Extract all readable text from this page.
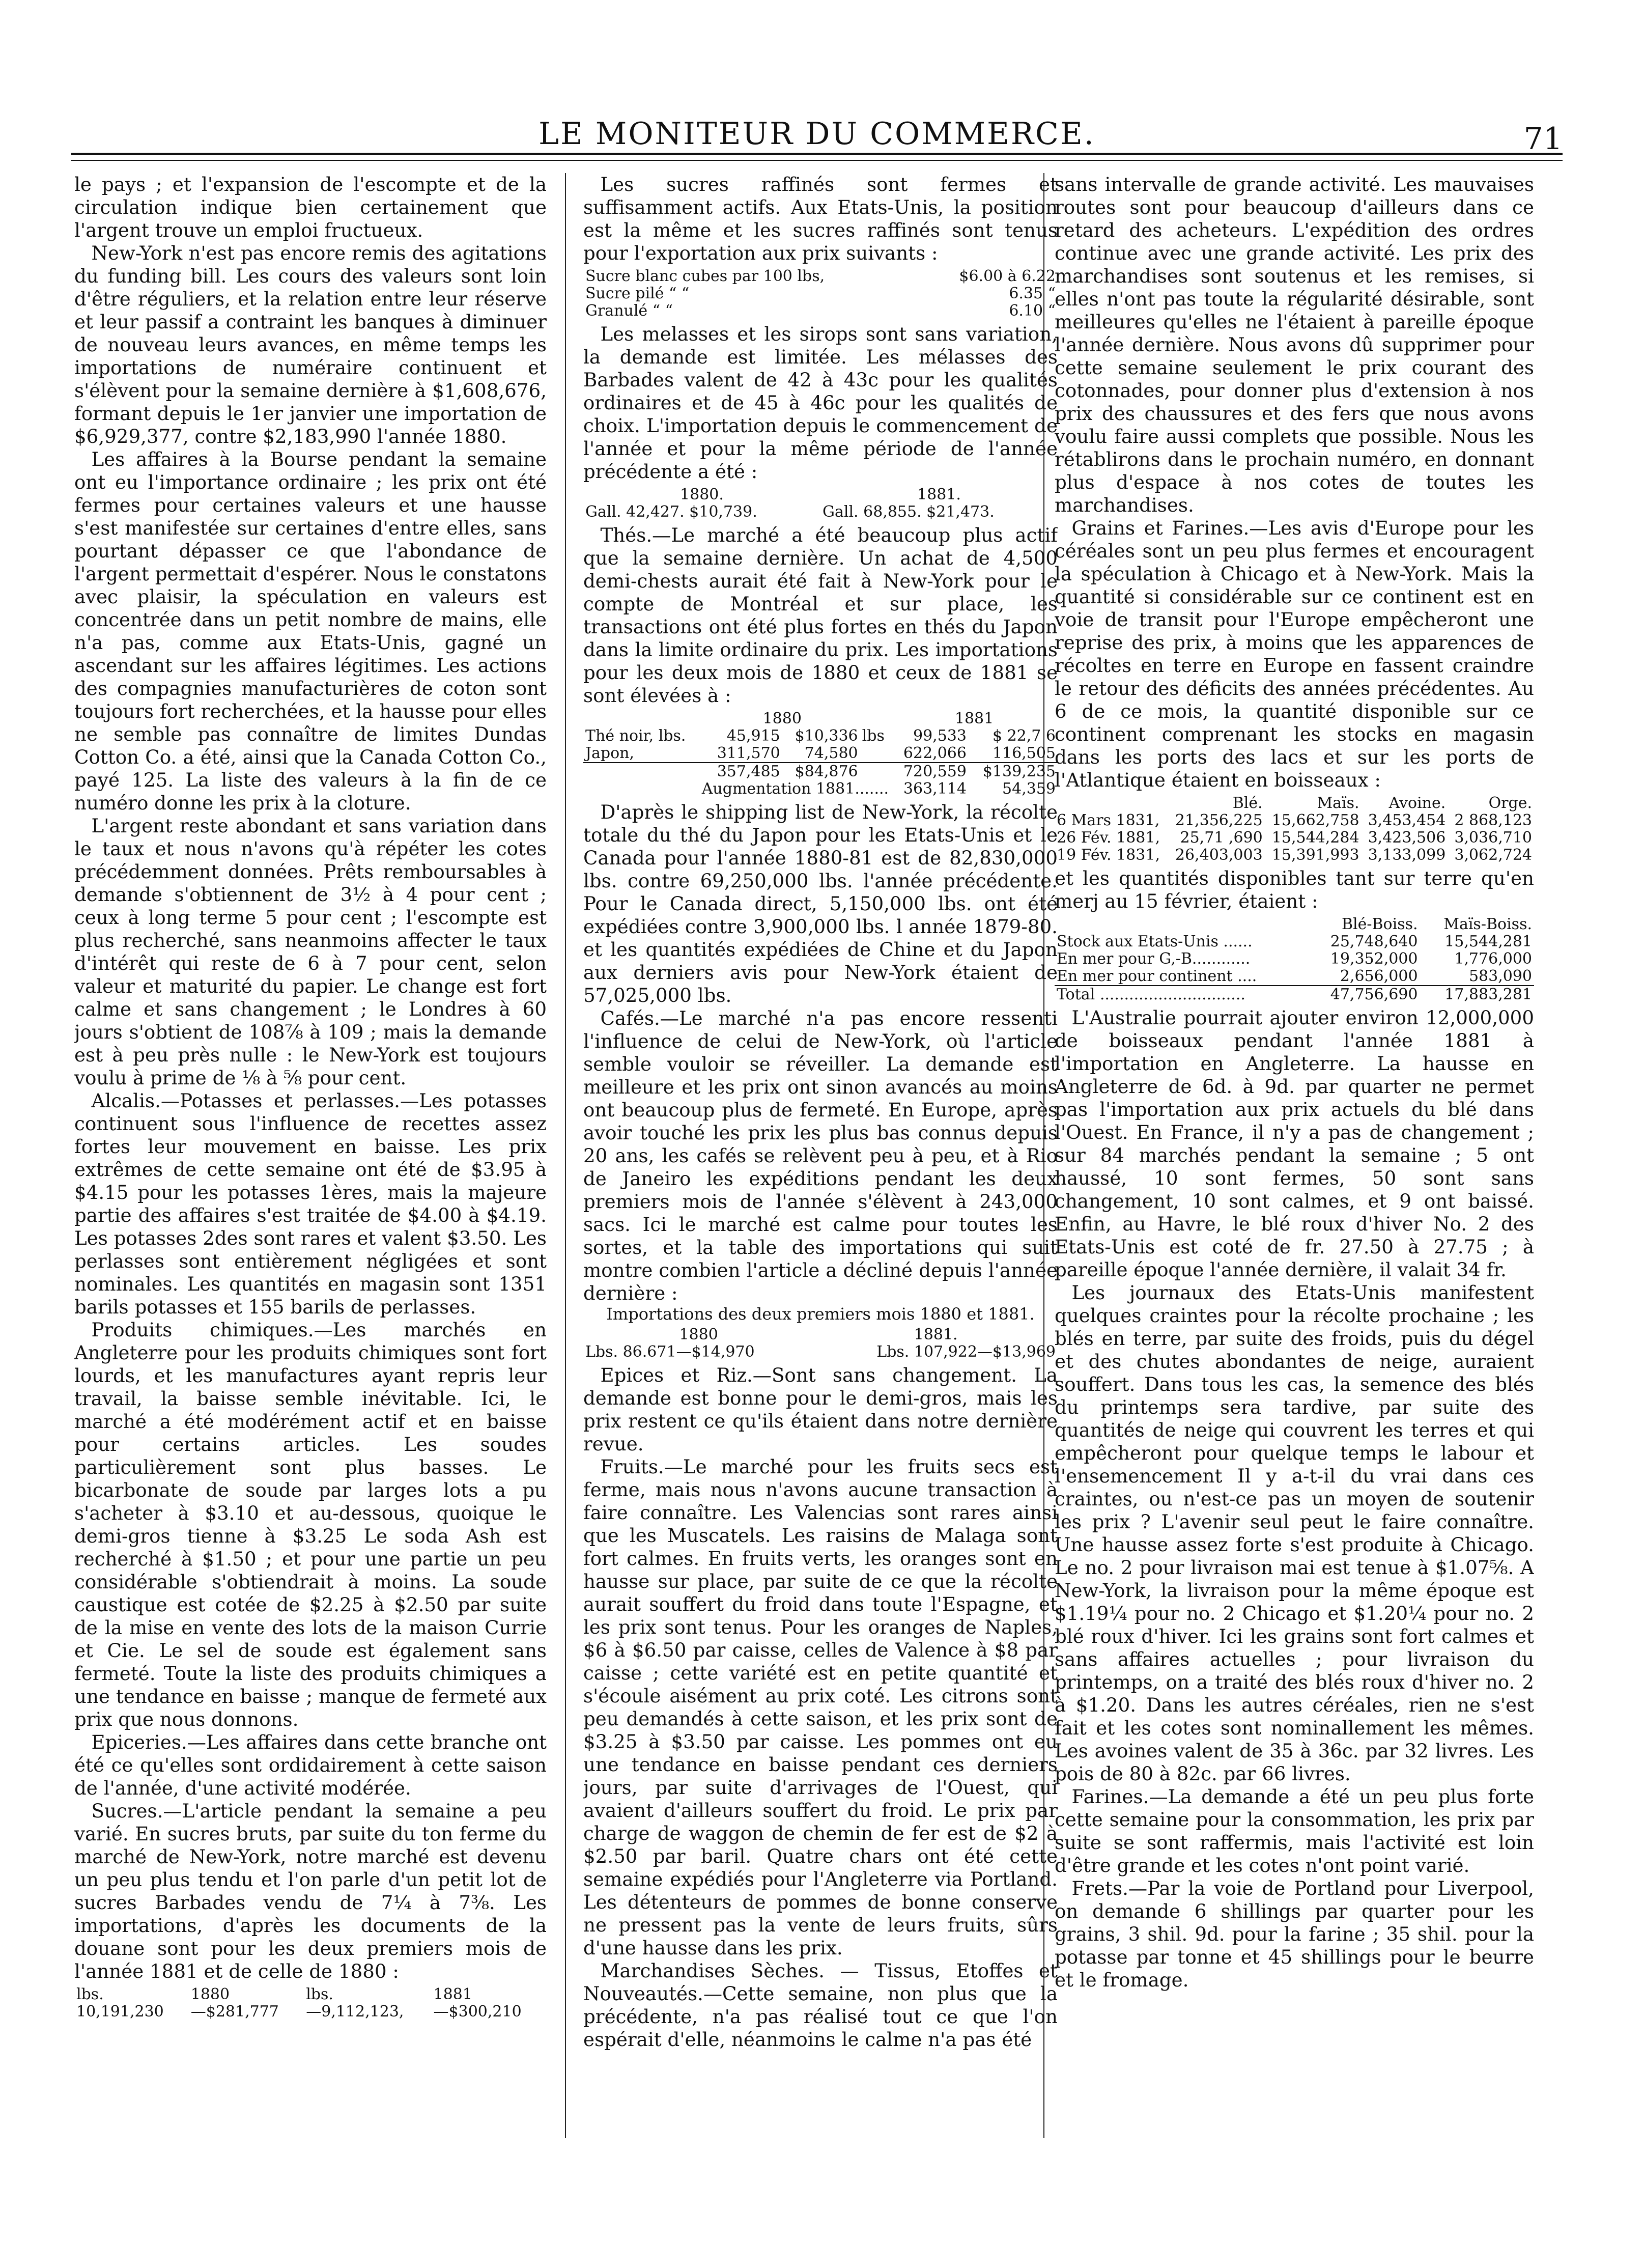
LE MONITEUR DU COMMERCE.	71

le pays ; et l'expansion de l'escompte et de la circulation indique bien certainement que l'argent trouve un emploi fructueux.

New-York n'est pas encore remis des agitations du funding bill. Les cours des valeurs sont loin d'être réguliers, et la relation entre leur réserve et leur passif a contraint les banques à diminuer de nouveau leurs avances, en même temps les importations de numéraire continuent et s'élèvent pour la semaine dernière à $1,608,676, formant depuis le 1er janvier une importation de $6,929,377, contre $2,183,990 l'année 1880.

Les affaires à la Bourse pendant la semaine ont eu l'importance ordinaire ; les prix ont été fermes pour certaines valeurs et une hausse s'est manifestée sur certaines d'entre elles, sans pourtant dépasser ce que l'abondance de l'argent permettait d'espérer. Nous le constatons avec plaisir, la spéculation en valeurs est concentrée dans un petit nombre de mains, elle n'a pas, comme aux Etats-Unis, gagné un ascendant sur les affaires légitimes. Les actions des compagnies manufacturières de coton sont toujours fort recherchées, et la hausse pour elles ne semble pas connaître de limites Dundas Cotton Co. a été, ainsi que la Canada Cotton Co., payé 125. La liste des valeurs à la fin de ce numéro donne les prix à la cloture.

L'argent reste abondant et sans variation dans le taux et nous n'avons qu'à répéter les cotes précédemment données. Prêts remboursables à demande s'obtiennent de 3½ à 4 pour cent ; ceux à long terme 5 pour cent ; l'escompte est plus recherché, sans neanmoins affecter le taux d'intérêt qui reste de 6 à 7 pour cent, selon valeur et maturité du papier. Le change est fort calme et sans changement ; le Londres à 60 jours s'obtient de 108⅞ à 109 ; mais la demande est à peu près nulle : le New-York est toujours voulu à prime de ⅛ à ⅝ pour cent.

Alcalis.—Potasses et perlasses.—Les potasses continuent sous l'influence de recettes assez fortes leur mouvement en baisse. Les prix extrêmes de cette semaine ont été de $3.95 à $4.15 pour les potasses 1ères, mais la majeure partie des affaires s'est traitée de $4.00 à $4.19. Les potasses 2des sont rares et valent $3.50. Les perlasses sont entièrement négligées et sont nominales. Les quantités en magasin sont 1351 barils potasses et 155 barils de perlasses.

Produits chimiques.—Les marchés en Angleterre pour les produits chimiques sont fort lourds, et les manufactures ayant repris leur travail, la baisse semble inévitable. Ici, le marché a été modérément actif et en baisse pour certains articles. Les soudes particulièrement sont plus basses. Le bicarbonate de soude par larges lots a pu s'acheter à $3.10 et au-dessous, quoique le demi-gros tienne à $3.25 Le soda Ash est recherché à $1.50 ; et pour une partie un peu considérable s'obtiendrait à moins. La soude caustique est cotée de $2.25 à $2.50 par suite de la mise en vente des lots de la maison Currie et Cie. Le sel de soude est également sans fermeté. Toute la liste des produits chimiques a une tendance en baisse ; manque de fermeté aux prix que nous donnons.

Epiceries.—Les affaires dans cette branche ont été ce qu'elles sont ordidairement à cette saison de l'année, d'une activité modérée.

Sucres.—L'article pendant la semaine a peu varié. En sucres bruts, par suite du ton ferme du marché de New-York, notre marché est devenu un peu plus tendu et l'on parle d'un petit lot de sucres Barbades vendu de 7¼ à 7⅜. Les importations, d'après les documents de la douane sont pour les deux premiers mois de l'année 1881 et de celle de 1880 :

lbs.	1880	lbs.	1881
10,191,230	—$281,777	—9,112,123,	—$300,210

Les sucres raffinés sont fermes et suffisamment actifs. Aux Etats-Unis, la position est la même et les sucres raffinés sont tenus pour l'exportation aux prix suivants :

Sucre blanc cubes par 100 lbs,	$6.00 à 6.22
Sucre pilé “ “	6.35 “
Granulé “ “	6.10 “

Les melasses et les sirops sont sans variation, la demande est limitée. Les mélasses des Barbades valent de 42 à 43c pour les qualités ordinaires et de 45 à 46c pour les qualités de choix. L'importation depuis le commencement de l'année et pour la même période de l'année précédente a été :

1880.	1881.
Gall. 42,427. $10,739.	Gall. 68,855. $21,473.

Thés.—Le marché a été beaucoup plus actif que la semaine dernière. Un achat de 4,500 demi-chests aurait été fait à New-York pour le compte de Montréal et sur place, les transactions ont été plus fortes en thés du Japon dans la limite ordinaire du prix. Les importations pour les deux mois de 1880 et ceux de 1881 se sont élevées à :

	1880			1881	
Thé noir, lbs.	45,915	$10,336	lbs	99,533	$ 22,7 6
Japon,	311,570	74,580		622,066	116,505
	357,485	$84,876		720,559	$139,235
Augmentation 1881.......				363,114	54,359

D'après le shipping list de New-York, la récolte totale du thé du Japon pour les Etats-Unis et le Canada pour l'année 1880-81 est de 82,830,000 lbs. contre 69,250,000 lbs. l'année précédente. Pour le Canada direct, 5,150,000 lbs. ont été expédiées contre 3,900,000 lbs. l année 1879-80. et les quantités expédiées de Chine et du Japon aux derniers avis pour New-York étaient de 57,025,000 lbs.

Cafés.—Le marché n'a pas encore ressenti l'influence de celui de New-York, où l'article semble vouloir se réveiller. La demande est meilleure et les prix ont sinon avancés au moins ont beaucoup plus de fermeté. En Europe, après avoir touché les prix les plus bas connus depuis 20 ans, les cafés se relèvent peu à peu, et à Rio de Janeiro les expéditions pendant les deux premiers mois de l'année s'élèvent à 243,000 sacs. Ici le marché est calme pour toutes les sortes, et la table des importations qui suit montre combien l'article a décliné depuis l'année dernière :

Importations des deux premiers mois 1880 et 1881.
1880	1881.
Lbs. 86.671—$14,970	Lbs. 107,922—$13,969

Epices et Riz.—Sont sans changement. La demande est bonne pour le demi-gros, mais les prix restent ce qu'ils étaient dans notre dernière revue.

Fruits.—Le marché pour les fruits secs est ferme, mais nous n'avons aucune transaction à faire connaître. Les Valencias sont rares ainsi que les Muscatels. Les raisins de Malaga sont fort calmes. En fruits verts, les oranges sont en hausse sur place, par suite de ce que la récolte aurait souffert du froid dans toute l'Espagne, et les prix sont tenus. Pour les oranges de Naples, $6 à $6.50 par caisse, celles de Valence à $8 par caisse ; cette variété est en petite quantité et s'écoule aisément au prix coté. Les citrons sont peu demandés à cette saison, et les prix sont de $3.25 à $3.50 par caisse. Les pommes ont eu une tendance en baisse pendant ces derniers jours, par suite d'arrivages de l'Ouest, qui avaient d'ailleurs souffert du froid. Le prix par charge de waggon de chemin de fer est de $2 à $2.50 par baril. Quatre chars ont été cette semaine expédiés pour l'Angleterre via Portland. Les détenteurs de pommes de bonne conserve ne pressent pas la vente de leurs fruits, sûrs d'une hausse dans les prix.

Marchandises Sèches. — Tissus, Etoffes et Nouveautés.—Cette semaine, non plus que la précédente, n'a pas réalisé tout ce que l'on espérait d'elle, néanmoins le calme n'a pas été

sans intervalle de grande activité. Les mauvaises routes sont pour beaucoup d'ailleurs dans ce retard des acheteurs. L'expédition des ordres continue avec une grande activité. Les prix des marchandises sont soutenus et les remises, si elles n'ont pas toute la régularité désirable, sont meilleures qu'elles ne l'étaient à pareille époque l'année dernière. Nous avons dû supprimer pour cette semaine seulement le prix courant des cotonnades, pour donner plus d'extension à nos prix des chaussures et des fers que nous avons voulu faire aussi complets que possible. Nous les rétablirons dans le prochain numéro, en donnant plus d'espace à nos cotes de toutes les marchandises.

Grains et Farines.—Les avis d'Europe pour les céréales sont un peu plus fermes et encouragent la spéculation à Chicago et à New-York. Mais la quantité si considérable sur ce continent est en voie de transit pour l'Europe empêcheront une reprise des prix, à moins que les apparences de récoltes en terre en Europe en fassent craindre le retour des déficits des années précédentes. Au 6 de ce mois, la quantité disponible sur ce continent comprenant les stocks en magasin dans les ports des lacs et sur les ports de l'Atlantique étaient en boisseaux :

	Blé.	Maïs.	Avoine.	Orge.
6 Mars 1831,	21,356,225	15,662,758	3,453,454	2 868,123
26 Fév. 1881,	25,71 ,690	15,544,284	3,423,506	3,036,710
19 Fév. 1831,	26,403,003	15,391,993	3,133,099	3,062,724

et les quantités disponibles tant sur terre qu'en merj au 15 février, étaient :

	Blé-Boiss.	Maïs-Boiss.
Stock aux Etats-Unis ......	25,748,640	15,544,281
En mer pour G,-B............	19,352,000	1,776,000
En mer pour continent ....	2,656,000	583,090
Total ..............................	47,756,690	17,883,281

L'Australie pourrait ajouter environ 12,000,000 de boisseaux pendant l'année 1881 à l'importation en Angleterre. La hausse en Angleterre de 6d. à 9d. par quarter ne permet pas l'importation aux prix actuels du blé dans l'Ouest. En France, il n'y a pas de changement ; sur 84 marchés pendant la semaine ; 5 ont haussé, 10 sont fermes, 50 sont sans changement, 10 sont calmes, et 9 ont baissé. Enfin, au Havre, le blé roux d'hiver No. 2 des Etats-Unis est coté de fr. 27.50 à 27.75 ; à pareille époque l'année dernière, il valait 34 fr.

Les journaux des Etats-Unis manifestent quelques craintes pour la récolte prochaine ; les blés en terre, par suite des froids, puis du dégel et des chutes abondantes de neige, auraient souffert. Dans tous les cas, la semence des blés du printemps sera tardive, par suite des quantités de neige qui couvrent les terres et qui empêcheront pour quelque temps le labour et l'ensemencement Il y a-t-il du vrai dans ces craintes, ou n'est-ce pas un moyen de soutenir les prix ? L'avenir seul peut le faire connaître. Une hausse assez forte s'est produite à Chicago. Le no. 2 pour livraison mai est tenue à $1.07⅝. A New-York, la livraison pour la même époque est $1.19¼ pour no. 2 Chicago et $1.20¼ pour no. 2 blé roux d'hiver. Ici les grains sont fort calmes et sans affaires actuelles ; pour livraison du printemps, on a traité des blés roux d'hiver no. 2 à $1.20. Dans les autres céréales, rien ne s'est fait et les cotes sont nominallement les mêmes. Les avoines valent de 35 à 36c. par 32 livres. Les pois de 80 à 82c. par 66 livres.

Farines.—La demande a été un peu plus forte cette semaine pour la consommation, les prix par suite se sont raffermis, mais l'activité est loin d'être grande et les cotes n'ont point varié.

Frets.—Par la voie de Portland pour Liverpool, on demande 6 shillings par quarter pour les grains, 3 shil. 9d. pour la farine ; 35 shil. pour la potasse par tonne et 45 shillings pour le beurre et le fromage.
